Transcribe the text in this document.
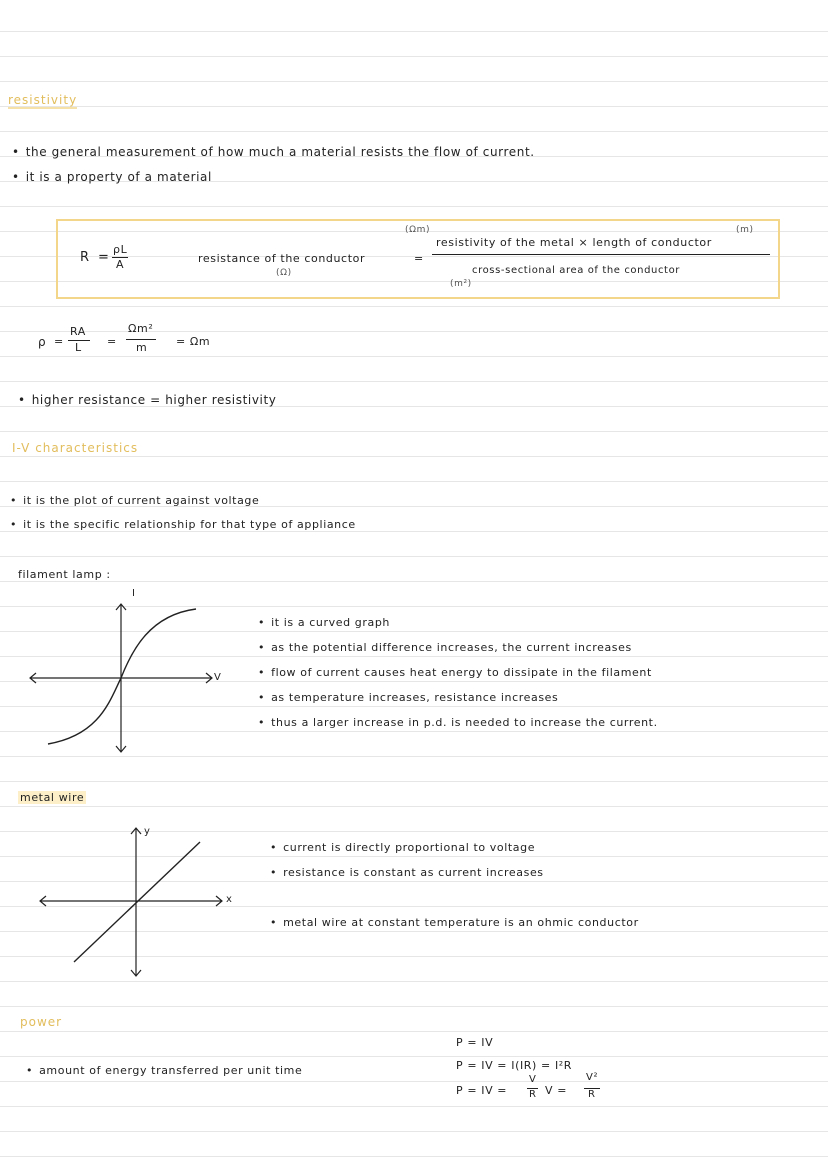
resistivity
• the general measurement of how much a material resists the flow of current.
• it is a property of a material
R =
ρL
A	resistance of the conductor
(Ω)
=
(Ωm)	(m)
resistivity of the metal × length of conductor
cross-sectional area of the conductor
(m²)
ρ =
RA
L =
Ωm²
m	= Ωm
• higher resistance = higher resistivity
I-V characteristics
• it is the plot of current against voltage
• it is the specific relationship for that type of appliance
filament lamp :
I
V
• it is a curved graph
• as the potential difference increases, the current increases
• flow of current causes heat energy to dissipate in the filament
• as temperature increases, resistance increases
• thus a larger increase in p.d. is needed to increase the current.
metal wire
y
x
• current is directly proportional to voltage
• resistance is constant as current increases
• metal wire at constant temperature is an ohmic conductor
power
• amount of energy transferred per unit time
P = IV
P = IV = I(IR) = I²R
P = IV =
V
R V =
V²
R
